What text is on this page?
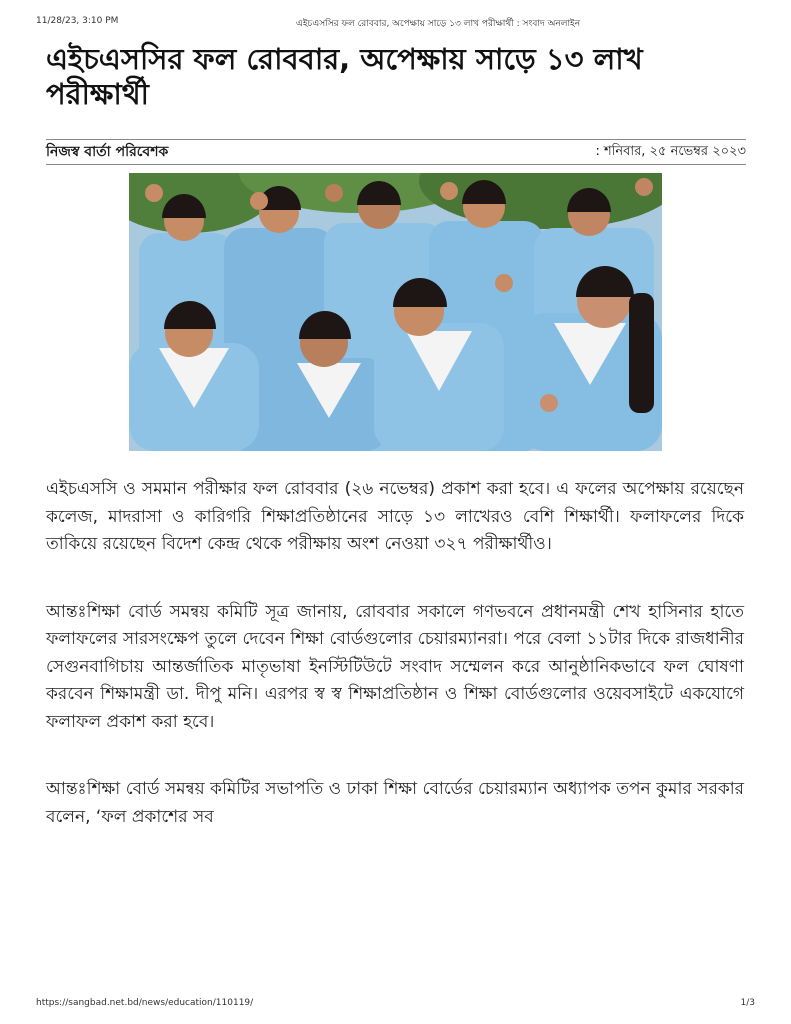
11/28/23, 3:10 PM	এইচএসসির ফল রোববার, অপেক্ষায় সাড়ে ১৩ লাখ পরীক্ষার্থী : সংবাদ অনলাইন
এইচএসসির ফল রোববার, অপেক্ষায় সাড়ে ১৩ লাখ পরীক্ষার্থী
নিজস্ব বার্তা পরিবেশক	: শনিবার, ২৫ নভেম্বর ২০২৩

এইচএসসি ও সমমান পরীক্ষার ফল রোববার (২৬ নভেম্বর) প্রকাশ করা হবে। এ ফলের অপেক্ষায় রয়েছেন কলেজ, মাদরাসা ও কারিগরি শিক্ষাপ্রতিষ্ঠানের সাড়ে ১৩ লাখেরও বেশি শিক্ষার্থী। ফলাফলের দিকে তাকিয়ে রয়েছেন বিদেশ কেন্দ্র থেকে পরীক্ষায় অংশ নেওয়া ৩২৭ পরীক্ষার্থীও।

আন্তঃশিক্ষা বোর্ড সমন্বয় কমিটি সূত্র জানায়, রোববার সকালে গণভবনে প্রধানমন্ত্রী শেখ হাসিনার হাতে ফলাফলের সারসংক্ষেপ তুলে দেবেন শিক্ষা বোর্ডগুলোর চেয়ারম্যানরা। পরে বেলা ১১টার দিকে রাজধানীর সেগুনবাগিচায় আন্তর্জাতিক মাতৃভাষা ইনস্টিটিউটে সংবাদ সম্মেলন করে আনুষ্ঠানিকভাবে ফল ঘোষণা করবেন শিক্ষামন্ত্রী ডা. দীপু মনি। এরপর স্ব স্ব শিক্ষাপ্রতিষ্ঠান ও শিক্ষা বোর্ডগুলোর ওয়েবসাইটে একযোগে ফলাফল প্রকাশ করা হবে।

আন্তঃশিক্ষা বোর্ড সমন্বয় কমিটির সভাপতি ও ঢাকা শিক্ষা বোর্ডের চেয়ারম্যান অধ্যাপক তপন কুমার সরকার বলেন, ‘ফল প্রকাশের সব

https://sangbad.net.bd/news/education/110119/	1/3
